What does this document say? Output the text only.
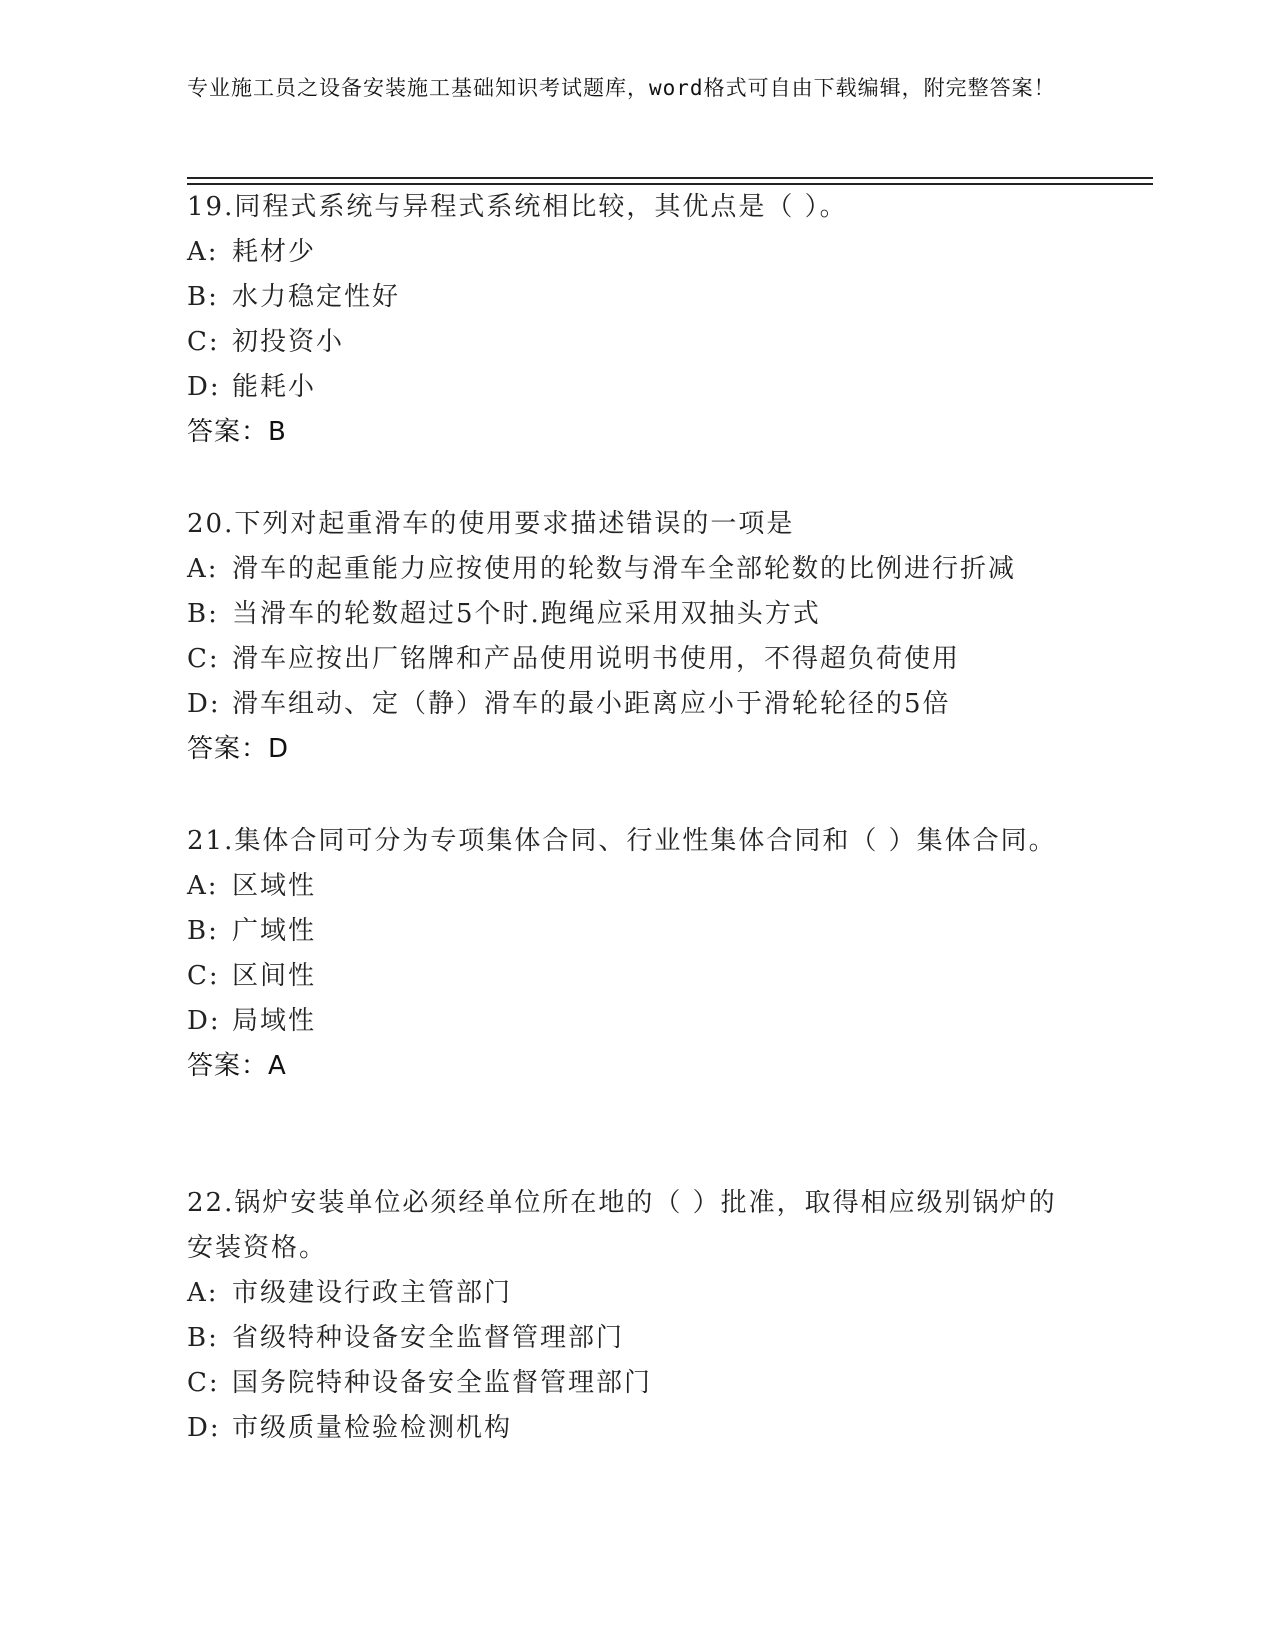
专业施工员之设备安装施工基础知识考试题库，word格式可自由下载编辑，附完整答案！

19.同程式系统与异程式系统相比较，其优点是（ ）。

A: 耗材少

B: 水力稳定性好

C: 初投资小

D: 能耗小

答案：B

20.下列对起重滑车的使用要求描述错误的一项是

A: 滑车的起重能力应按使用的轮数与滑车全部轮数的比例进行折减

B: 当滑车的轮数超过5个时.跑绳应采用双抽头方式

C: 滑车应按出厂铭牌和产品使用说明书使用，不得超负荷使用

D: 滑车组动、定（静）滑车的最小距离应小于滑轮轮径的5倍

答案：D

21.集体合同可分为专项集体合同、行业性集体合同和（ ）集体合同。

A: 区域性

B: 广域性

C: 区间性

D: 局域性

答案：A

22.锅炉安装单位必须经单位所在地的（ ）批准，取得相应级别锅炉的安装资格。

A: 市级建设行政主管部门

B: 省级特种设备安全监督管理部门

C: 国务院特种设备安全监督管理部门

D: 市级质量检验检测机构
